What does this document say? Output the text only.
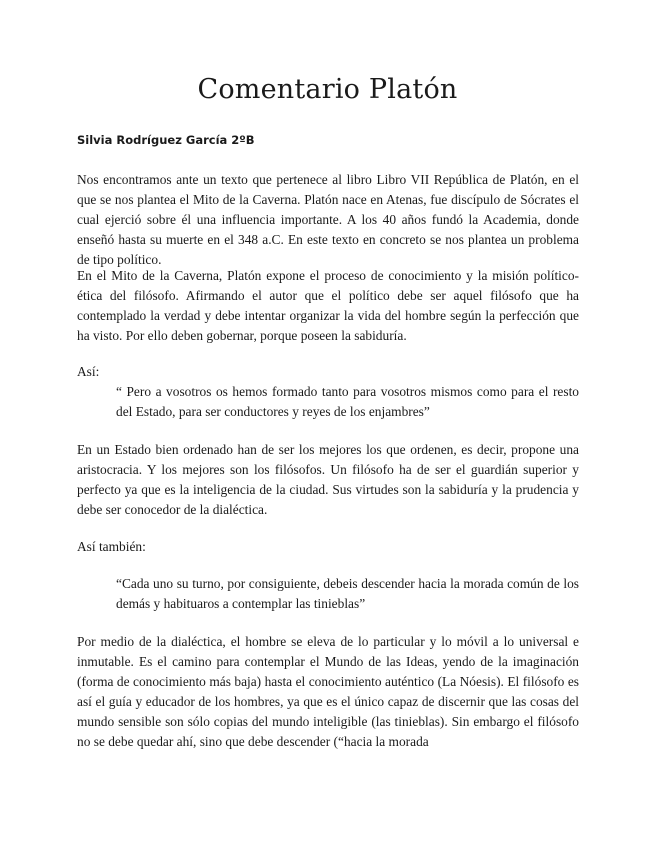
Comentario Platón

Silvia Rodríguez García 2ºB

Nos encontramos ante un texto que pertenece al libro Libro VII República de Platón, en el que se nos plantea el Mito de la Caverna. Platón nace en Atenas, fue discípulo de Sócrates el cual ejerció sobre él una influencia importante. A los 40 años fundó la Academia, donde enseñó hasta su muerte en el 348 a.C. En este texto en concreto se nos plantea un problema de tipo político.

En el Mito de la Caverna, Platón expone el proceso de conocimiento y la misión político-ética del filósofo. Afirmando el autor que el político debe ser aquel filósofo que ha contemplado la verdad y debe intentar organizar la vida del hombre según la perfección que ha visto. Por ello deben gobernar, porque poseen la sabiduría.

Así:

“ Pero a vosotros os hemos formado tanto para vosotros mismos como para el resto del Estado, para ser conductores y reyes de los enjambres”

En un Estado bien ordenado han de ser los mejores los que ordenen, es decir, propone una aristocracia. Y los mejores son los filósofos. Un filósofo ha de ser el guardián superior y perfecto ya que es la inteligencia de la ciudad. Sus virtudes son la sabiduría y la prudencia y debe ser conocedor de la dialéctica.

Así también:

“Cada uno su turno, por consiguiente, debeis descender hacia la morada común de los demás y habituaros a contemplar las tinieblas”

Por medio de la dialéctica, el hombre se eleva de lo particular y lo móvil a lo universal e inmutable. Es el camino para contemplar el Mundo de las Ideas, yendo de la imaginación (forma de conocimiento más baja) hasta el conocimiento auténtico (La Nóesis). El filósofo es así el guía y educador de los hombres, ya que es el único capaz de discernir que las cosas del mundo sensible son sólo copias del mundo inteligible (las tinieblas). Sin embargo el filósofo no se debe quedar ahí, sino que debe descender (“hacia la morada
